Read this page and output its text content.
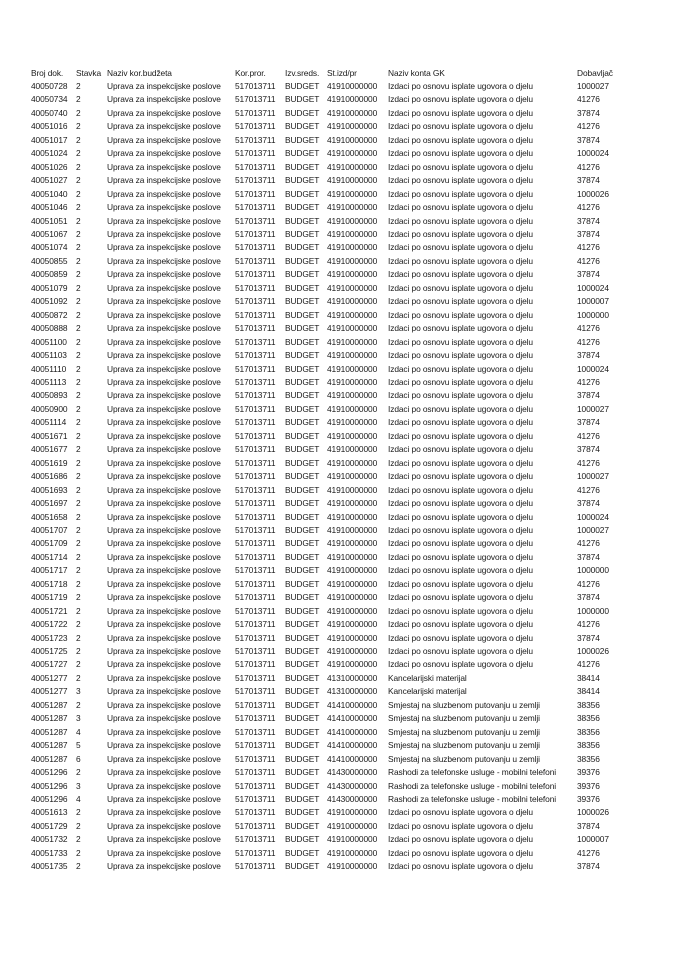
Broj dok.	Stavka	Naziv kor.budžeta	Kor.pror.	Izv.sreds.	St.izd/pr	Naziv konta GK	Dobavljač
40050728	2	Uprava za inspekcijske poslove	517013711	BUDGET	41910000000	Izdaci po osnovu isplate ugovora o djelu	1000027
40050734	2	Uprava za inspekcijske poslove	517013711	BUDGET	41910000000	Izdaci po osnovu isplate ugovora o djelu	41276
40050740	2	Uprava za inspekcijske poslove	517013711	BUDGET	41910000000	Izdaci po osnovu isplate ugovora o djelu	37874
40051016	2	Uprava za inspekcijske poslove	517013711	BUDGET	41910000000	Izdaci po osnovu isplate ugovora o djelu	41276
40051017	2	Uprava za inspekcijske poslove	517013711	BUDGET	41910000000	Izdaci po osnovu isplate ugovora o djelu	37874
40051024	2	Uprava za inspekcijske poslove	517013711	BUDGET	41910000000	Izdaci po osnovu isplate ugovora o djelu	1000024
40051026	2	Uprava za inspekcijske poslove	517013711	BUDGET	41910000000	Izdaci po osnovu isplate ugovora o djelu	41276
40051027	2	Uprava za inspekcijske poslove	517013711	BUDGET	41910000000	Izdaci po osnovu isplate ugovora o djelu	37874
40051040	2	Uprava za inspekcijske poslove	517013711	BUDGET	41910000000	Izdaci po osnovu isplate ugovora o djelu	1000026
40051046	2	Uprava za inspekcijske poslove	517013711	BUDGET	41910000000	Izdaci po osnovu isplate ugovora o djelu	41276
40051051	2	Uprava za inspekcijske poslove	517013711	BUDGET	41910000000	Izdaci po osnovu isplate ugovora o djelu	37874
40051067	2	Uprava za inspekcijske poslove	517013711	BUDGET	41910000000	Izdaci po osnovu isplate ugovora o djelu	37874
40051074	2	Uprava za inspekcijske poslove	517013711	BUDGET	41910000000	Izdaci po osnovu isplate ugovora o djelu	41276
40050855	2	Uprava za inspekcijske poslove	517013711	BUDGET	41910000000	Izdaci po osnovu isplate ugovora o djelu	41276
40050859	2	Uprava za inspekcijske poslove	517013711	BUDGET	41910000000	Izdaci po osnovu isplate ugovora o djelu	37874
40051079	2	Uprava za inspekcijske poslove	517013711	BUDGET	41910000000	Izdaci po osnovu isplate ugovora o djelu	1000024
40051092	2	Uprava za inspekcijske poslove	517013711	BUDGET	41910000000	Izdaci po osnovu isplate ugovora o djelu	1000007
40050872	2	Uprava za inspekcijske poslove	517013711	BUDGET	41910000000	Izdaci po osnovu isplate ugovora o djelu	1000000
40050888	2	Uprava za inspekcijske poslove	517013711	BUDGET	41910000000	Izdaci po osnovu isplate ugovora o djelu	41276
40051100	2	Uprava za inspekcijske poslove	517013711	BUDGET	41910000000	Izdaci po osnovu isplate ugovora o djelu	41276
40051103	2	Uprava za inspekcijske poslove	517013711	BUDGET	41910000000	Izdaci po osnovu isplate ugovora o djelu	37874
40051110	2	Uprava za inspekcijske poslove	517013711	BUDGET	41910000000	Izdaci po osnovu isplate ugovora o djelu	1000024
40051113	2	Uprava za inspekcijske poslove	517013711	BUDGET	41910000000	Izdaci po osnovu isplate ugovora o djelu	41276
40050893	2	Uprava za inspekcijske poslove	517013711	BUDGET	41910000000	Izdaci po osnovu isplate ugovora o djelu	37874
40050900	2	Uprava za inspekcijske poslove	517013711	BUDGET	41910000000	Izdaci po osnovu isplate ugovora o djelu	1000027
40051114	2	Uprava za inspekcijske poslove	517013711	BUDGET	41910000000	Izdaci po osnovu isplate ugovora o djelu	37874
40051671	2	Uprava za inspekcijske poslove	517013711	BUDGET	41910000000	Izdaci po osnovu isplate ugovora o djelu	41276
40051677	2	Uprava za inspekcijske poslove	517013711	BUDGET	41910000000	Izdaci po osnovu isplate ugovora o djelu	37874
40051619	2	Uprava za inspekcijske poslove	517013711	BUDGET	41910000000	Izdaci po osnovu isplate ugovora o djelu	41276
40051686	2	Uprava za inspekcijske poslove	517013711	BUDGET	41910000000	Izdaci po osnovu isplate ugovora o djelu	1000027
40051693	2	Uprava za inspekcijske poslove	517013711	BUDGET	41910000000	Izdaci po osnovu isplate ugovora o djelu	41276
40051697	2	Uprava za inspekcijske poslove	517013711	BUDGET	41910000000	Izdaci po osnovu isplate ugovora o djelu	37874
40051658	2	Uprava za inspekcijske poslove	517013711	BUDGET	41910000000	Izdaci po osnovu isplate ugovora o djelu	1000024
40051707	2	Uprava za inspekcijske poslove	517013711	BUDGET	41910000000	Izdaci po osnovu isplate ugovora o djelu	1000027
40051709	2	Uprava za inspekcijske poslove	517013711	BUDGET	41910000000	Izdaci po osnovu isplate ugovora o djelu	41276
40051714	2	Uprava za inspekcijske poslove	517013711	BUDGET	41910000000	Izdaci po osnovu isplate ugovora o djelu	37874
40051717	2	Uprava za inspekcijske poslove	517013711	BUDGET	41910000000	Izdaci po osnovu isplate ugovora o djelu	1000000
40051718	2	Uprava za inspekcijske poslove	517013711	BUDGET	41910000000	Izdaci po osnovu isplate ugovora o djelu	41276
40051719	2	Uprava za inspekcijske poslove	517013711	BUDGET	41910000000	Izdaci po osnovu isplate ugovora o djelu	37874
40051721	2	Uprava za inspekcijske poslove	517013711	BUDGET	41910000000	Izdaci po osnovu isplate ugovora o djelu	1000000
40051722	2	Uprava za inspekcijske poslove	517013711	BUDGET	41910000000	Izdaci po osnovu isplate ugovora o djelu	41276
40051723	2	Uprava za inspekcijske poslove	517013711	BUDGET	41910000000	Izdaci po osnovu isplate ugovora o djelu	37874
40051725	2	Uprava za inspekcijske poslove	517013711	BUDGET	41910000000	Izdaci po osnovu isplate ugovora o djelu	1000026
40051727	2	Uprava za inspekcijske poslove	517013711	BUDGET	41910000000	Izdaci po osnovu isplate ugovora o djelu	41276
40051277	2	Uprava za inspekcijske poslove	517013711	BUDGET	41310000000	Kancelarijski materijal	38414
40051277	3	Uprava za inspekcijske poslove	517013711	BUDGET	41310000000	Kancelarijski materijal	38414
40051287	2	Uprava za inspekcijske poslove	517013711	BUDGET	41410000000	Smjestaj na sluzbenom putovanju u zemlji	38356
40051287	3	Uprava za inspekcijske poslove	517013711	BUDGET	41410000000	Smjestaj na sluzbenom putovanju u zemlji	38356
40051287	4	Uprava za inspekcijske poslove	517013711	BUDGET	41410000000	Smjestaj na sluzbenom putovanju u zemlji	38356
40051287	5	Uprava za inspekcijske poslove	517013711	BUDGET	41410000000	Smjestaj na sluzbenom putovanju u zemlji	38356
40051287	6	Uprava za inspekcijske poslove	517013711	BUDGET	41410000000	Smjestaj na sluzbenom putovanju u zemlji	38356
40051296	2	Uprava za inspekcijske poslove	517013711	BUDGET	41430000000	Rashodi za telefonske usluge - mobilni telefoni	39376
40051296	3	Uprava za inspekcijske poslove	517013711	BUDGET	41430000000	Rashodi za telefonske usluge - mobilni telefoni	39376
40051296	4	Uprava za inspekcijske poslove	517013711	BUDGET	41430000000	Rashodi za telefonske usluge - mobilni telefoni	39376
40051613	2	Uprava za inspekcijske poslove	517013711	BUDGET	41910000000	Izdaci po osnovu isplate ugovora o djelu	1000026
40051729	2	Uprava za inspekcijske poslove	517013711	BUDGET	41910000000	Izdaci po osnovu isplate ugovora o djelu	37874
40051732	2	Uprava za inspekcijske poslove	517013711	BUDGET	41910000000	Izdaci po osnovu isplate ugovora o djelu	1000007
40051733	2	Uprava za inspekcijske poslove	517013711	BUDGET	41910000000	Izdaci po osnovu isplate ugovora o djelu	41276
40051735	2	Uprava za inspekcijske poslove	517013711	BUDGET	41910000000	Izdaci po osnovu isplate ugovora o djelu	37874
